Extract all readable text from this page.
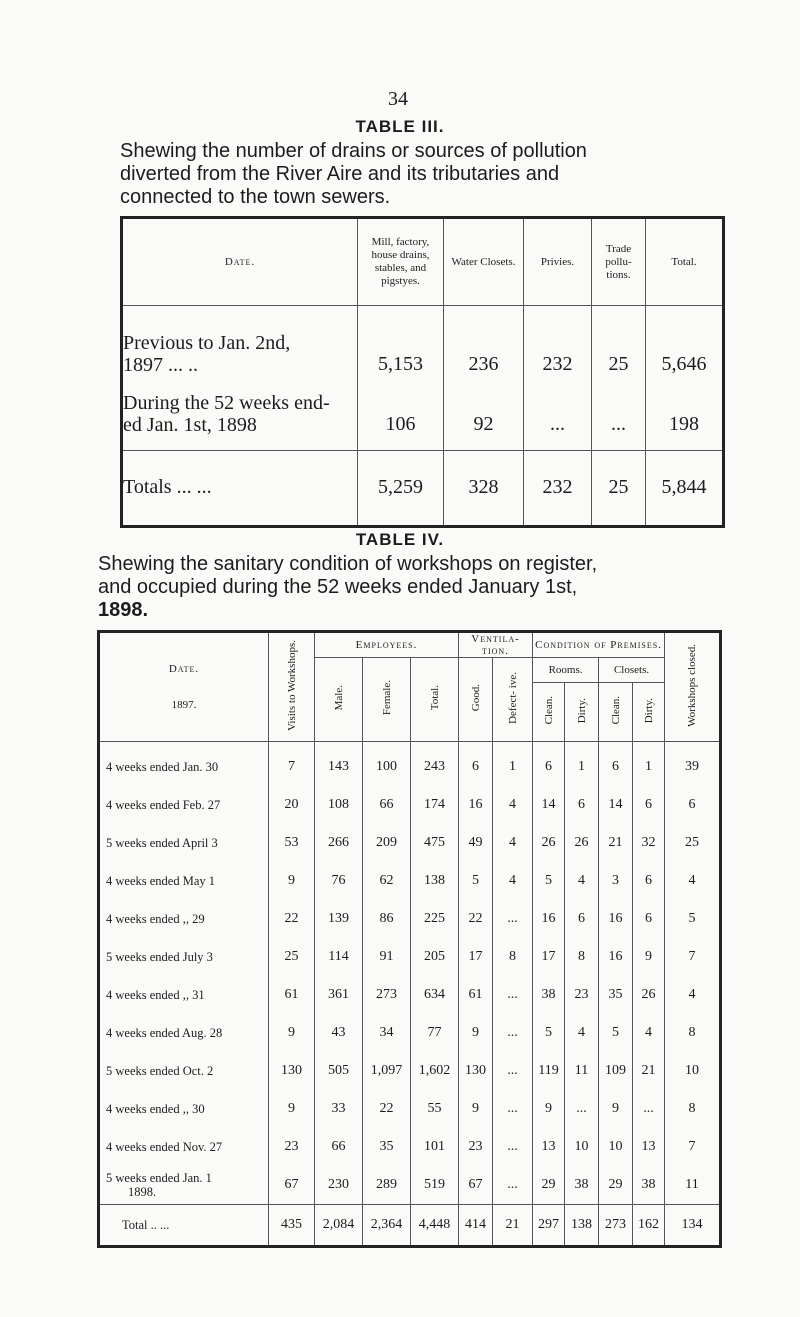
34
TABLE III.
Shewing the number of drains or sources of pollution
diverted from the River Aire and its tributaries and
connected to the town sewers.
Date.	Mill, factory, house drains, stables, and pigstyes.	Water Closets.	Privies.	Trade pollu- tions.	Total.

Previous to Jan. 2nd,
1897 ... ..	5,153	236	232	25	5,646

During the 52 weeks end-
ed Jan. 1st, 1898	106	92	...	...	198
Totals ... ...	5,259	328	232	25	5,844
TABLE IV.
Shewing the sanitary condition of workshops on register,
and occupied during the 52 weeks ended January 1st,
1898.
Date.
1897.	Visits to Workshops.	Employees.			Ventila- tion.		Condition of Premises.				Workshops closed.
		Male.	Female.	Total.	Good.	Defect- ive.	Rooms.		Closets.		
							Clean.	Dirty.	Clean.	Dirty.	

4 weeks ended Jan. 30	7	143	100	243	6	1	6	1	6	1	39

4 weeks ended Feb. 27	20	108	66	174	16	4	14	6	14	6	6

5 weeks ended April 3	53	266	209	475	49	4	26	26	21	32	25

4 weeks ended May 1	9	76	62	138	5	4	5	4	3	6	4

4 weeks ended ,, 29	22	139	86	225	22	...	16	6	16	6	5

5 weeks ended July 3	25	114	91	205	17	8	17	8	16	9	7

4 weeks ended ,, 31	61	361	273	634	61	...	38	23	35	26	4

4 weeks ended Aug. 28	9	43	34	77	9	...	5	4	5	4	8

5 weeks ended Oct. 2	130	505	1,097	1,602	130	...	119	11	109	21	10

4 weeks ended ,, 30	9	33	22	55	9	...	9	...	9	...	8

4 weeks ended Nov. 27	23	66	35	101	23	...	13	10	10	13	7

5 weeks ended Jan. 1
1898.	67	230	289	519	67	...	29	38	29	38	11
Total .. ...	435	2,084	2,364	4,448	414	21	297	138	273	162	134
